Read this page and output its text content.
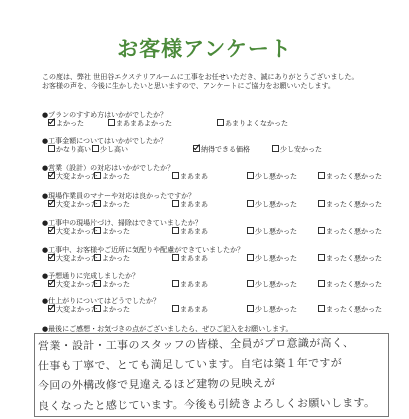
お客様アンケート
この度は、弊社 世田谷エクステリアルームに工事をお任せいただき、誠にありがとうございました。
お客様の声を、今後に生かしたいと思いますので、アンケートにご協力をお願いいたします。
●プランのすすめ方はいかがでしたか？
よかった	まあまあよかった	あまりよくなかった
●工事金額についてはいかがでしたか？
かなり高い	少し高い	納得できる価格	少し安かった
●営業（設計）の対応はいかがでしたか？
大変よかった よかった	まあまあ	少し悪かった	まったく悪かった
●現場作業員のマナーや対応は良かったですか？
大変よかった よかった	まあまあ	少し悪かった	まったく悪かった
●工事中の現場片づけ、掃除はできていましたか？
大変よかった よかった	まあまあ	少し悪かった	まったく悪かった
●工事中、お客様やご近所に気配りや配慮ができていましたか？
大変よかった よかった	まあまあ	少し悪かった	まったく悪かった
●予想通りに完成しましたか？
大変よかった よかった	まあまあ	少し悪かった	まったく悪かった
●仕上がりについてはどうでしたか？
大変よかった よかった	まあまあ	少し悪かった	まったく悪かった
●最後にご感想・お気づきの点がございましたら、ぜひご記入をお願いします。
営業・設計・工事のスタッフの皆様、全員がプロ意識が高く、
仕事も丁寧で、とても満足しています。自宅は築１年ですが
今回の外構改修で見違えるほど建物の見映えが
良くなったと感じています。今後も引続きよろしくお願いします。
